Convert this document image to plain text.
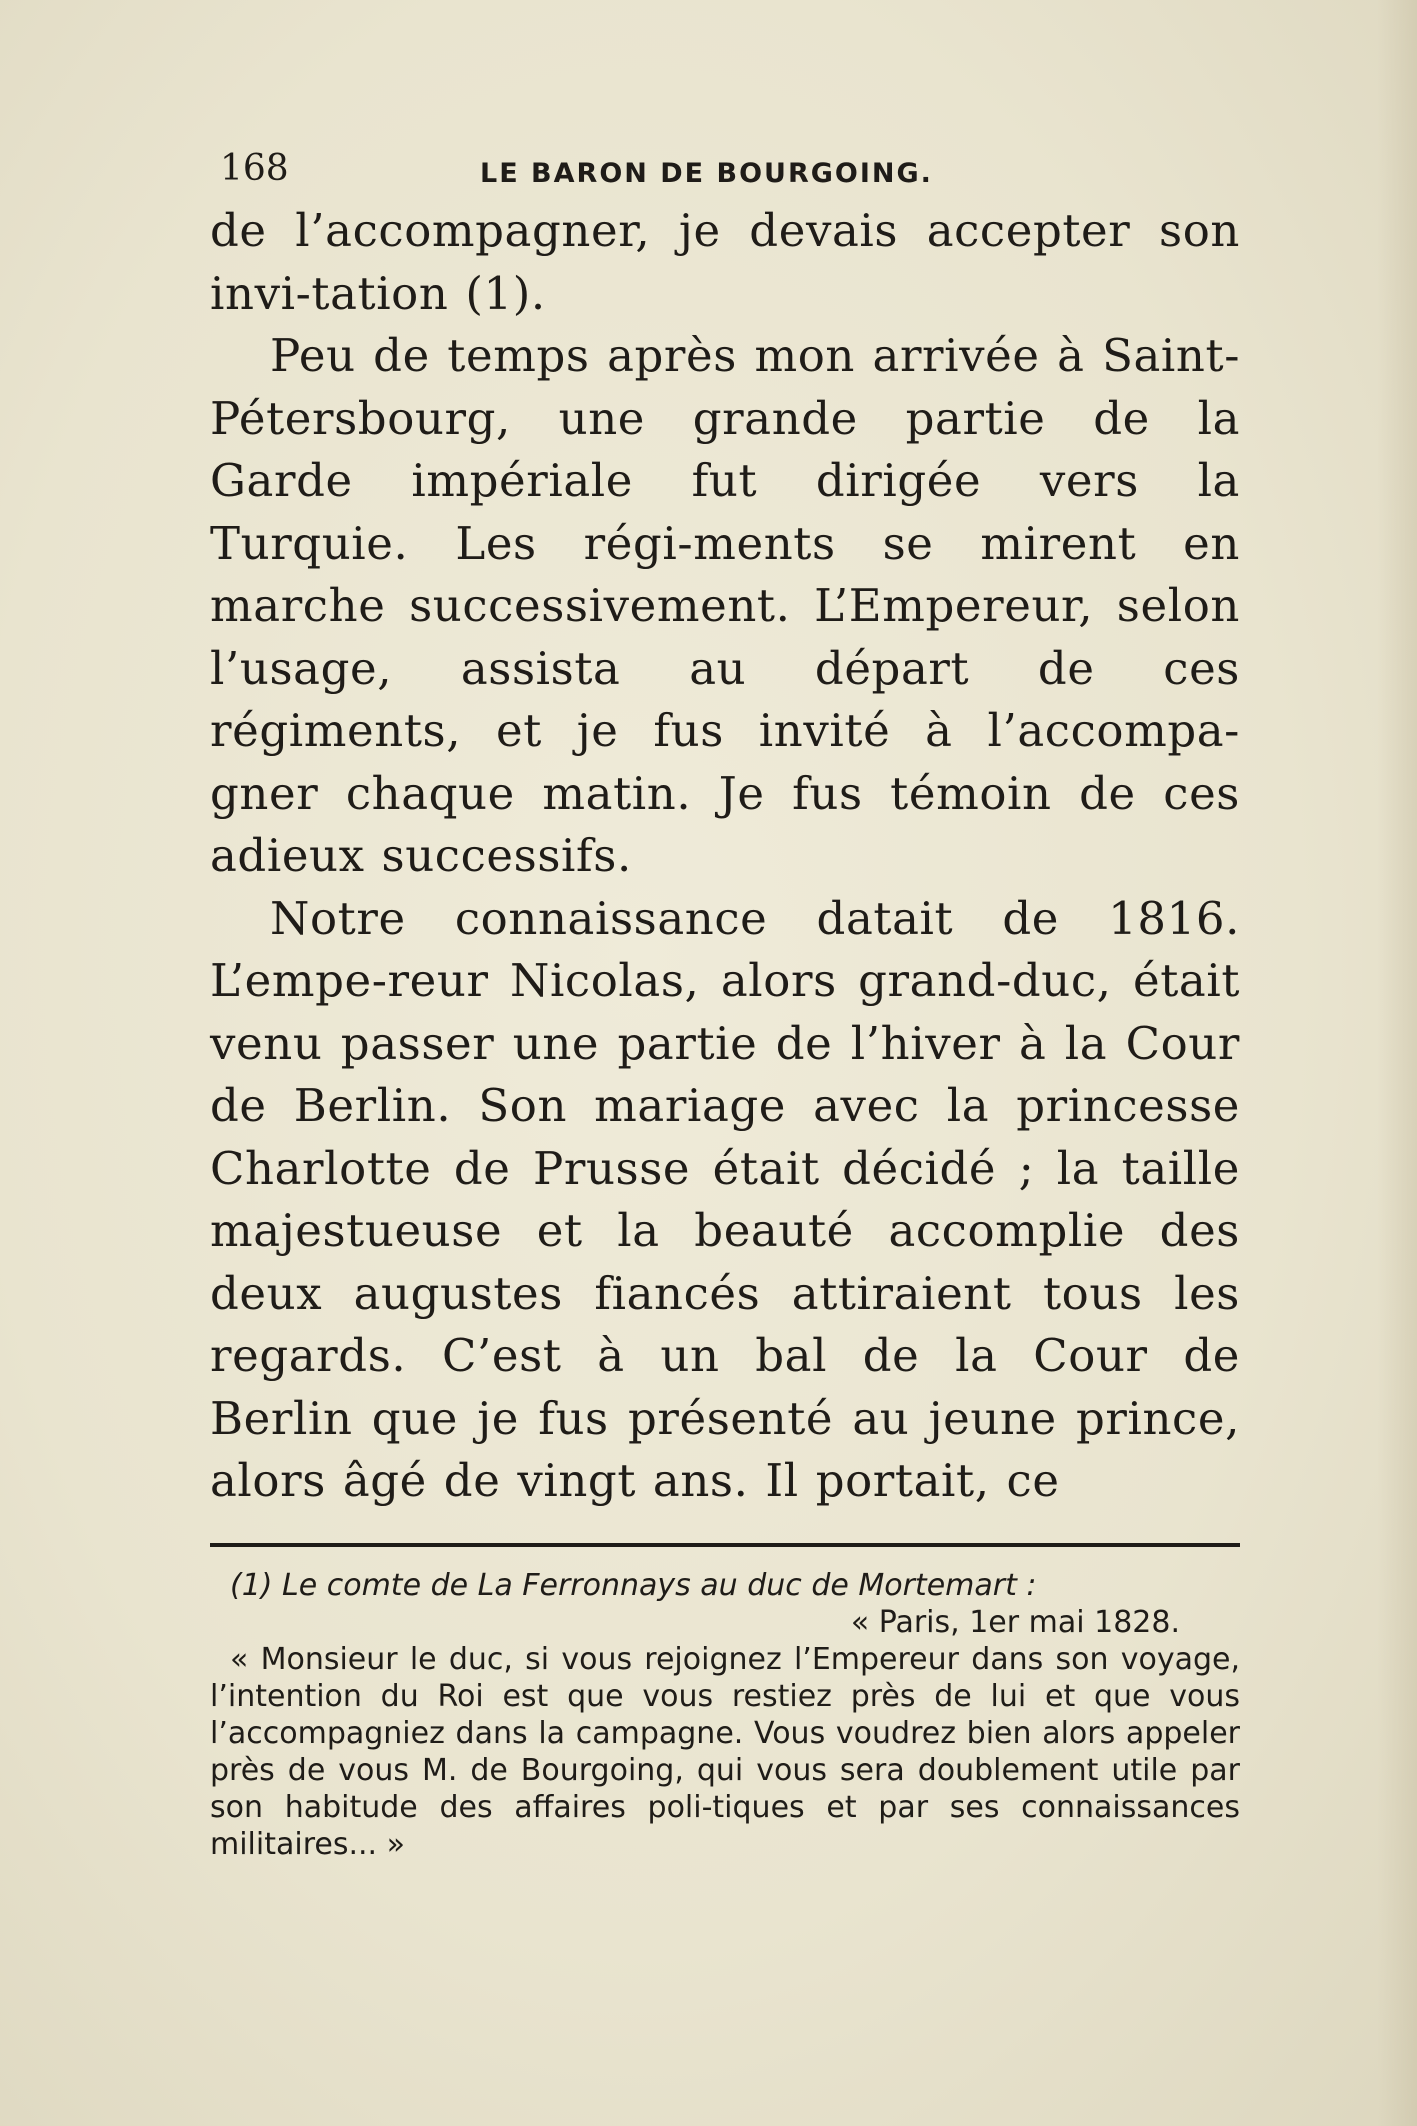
168	LE BARON DE BOURGOING.

de l’accompagner, je devais accepter son invi-tation (1).

Peu de temps après mon arrivée à Saint-Pétersbourg, une grande partie de la Garde impériale fut dirigée vers la Turquie. Les régi-ments se mirent en marche successivement. L’Empereur, selon l’usage, assista au départ de ces régiments, et je fus invité à l’accompa-gner chaque matin. Je fus témoin de ces adieux successifs.

Notre connaissance datait de 1816. L’empe-reur Nicolas, alors grand-duc, était venu passer une partie de l’hiver à la Cour de Berlin. Son mariage avec la princesse Charlotte de Prusse était décidé ; la taille majestueuse et la beauté accomplie des deux augustes fiancés attiraient tous les regards. C’est à un bal de la Cour de Berlin que je fus présenté au jeune prince, alors âgé de vingt ans. Il portait, ce

(1) Le comte de La Ferronnays au duc de Mortemart :

« Paris, 1er mai 1828.

« Monsieur le duc, si vous rejoignez l’Empereur dans son voyage, l’intention du Roi est que vous restiez près de lui et que vous l’accompagniez dans la campagne. Vous voudrez bien alors appeler près de vous M. de Bourgoing, qui vous sera doublement utile par son habitude des affaires poli-tiques et par ses connaissances militaires... »
